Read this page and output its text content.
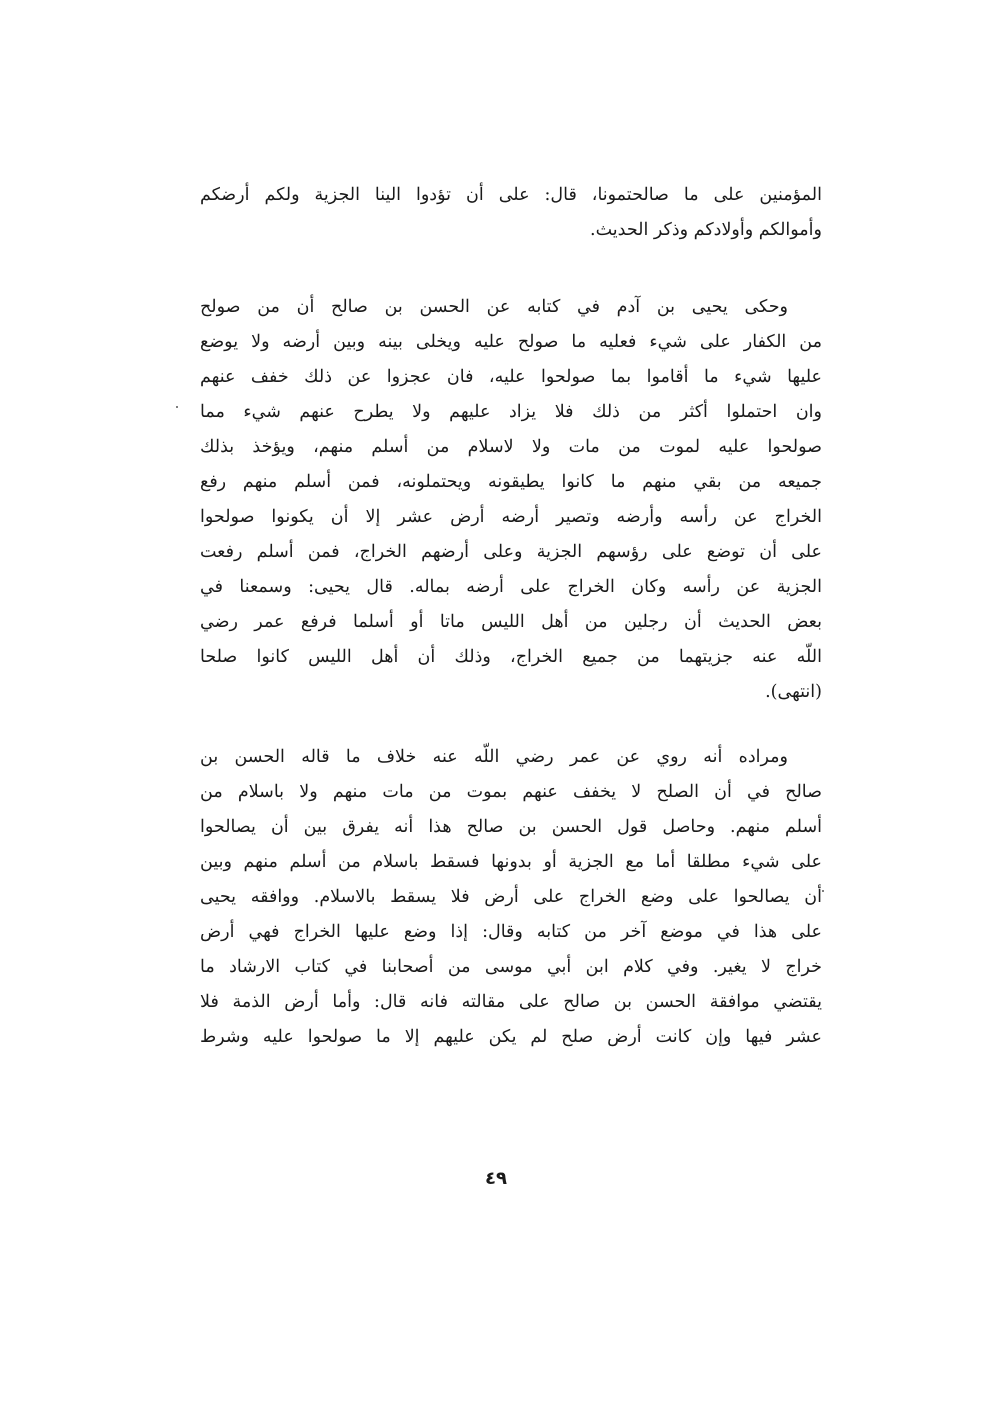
المؤمنين على ما صالحتمونا، قال: على أن تؤدوا الينا الجزية ولكم أرضكم
وأموالكم وأولادكم وذكر الحديث.
وحكى يحيى بن آدم في كتابه عن الحسن بن صالح أن من صولح
من الكفار على شيء فعليه ما صولح عليه ويخلى بينه وبين أرضه ولا يوضع
عليها شيء ما أقاموا بما صولحوا عليه، فان عجزوا عن ذلك خفف عنهم
وان احتملوا أكثر من ذلك فلا يزاد عليهم ولا يطرح عنهم شيء مما
صولحوا عليه لموت من مات ولا لاسلام من أسلم منهم، ويؤخذ بذلك
جميعه من بقي منهم ما كانوا يطيقونه ويحتملونه، فمن أسلم منهم رفع
الخراج عن رأسه وأرضه وتصير أرضه أرض عشر إلا أن يكونوا صولحوا
على أن توضع على رؤسهم الجزية وعلى أرضهم الخراج، فمن أسلم رفعت
الجزية عن رأسه وكان الخراج على أرضه بماله. قال يحيى: وسمعنا في
بعض الحديث أن رجلين من أهل الليس ماتا أو أسلما فرفع عمر رضي
اللّه عنه جزيتهما من جميع الخراج، وذلك أن أهل الليس كانوا صلحا
(انتهى).
ومراده أنه روي عن عمر رضي اللّه عنه خلاف ما قاله الحسن بن
صالح في أن الصلح لا يخفف عنهم بموت من مات منهم ولا باسلام من
أسلم منهم. وحاصل قول الحسن بن صالح هذا أنه يفرق بين أن يصالحوا
على شيء مطلقا أما مع الجزية أو بدونها فسقط باسلام من أسلم منهم وبين
أن يصالحوا على وضع الخراج على أرض فلا يسقط بالاسلام. ووافقه يحيى
على هذا في موضع آخر من كتابه وقال: إذا وضع عليها الخراج فهي أرض
خراج لا يغير. وفي كلام ابن أبي موسى من أصحابنا في كتاب الارشاد ما
يقتضي موافقة الحسن بن صالح على مقالته فانه قال: وأما أرض الذمة فلا
عشر فيها وإن كانت أرض صلح لم يكن عليهم إلا ما صولحوا عليه وشرط
٤٩
